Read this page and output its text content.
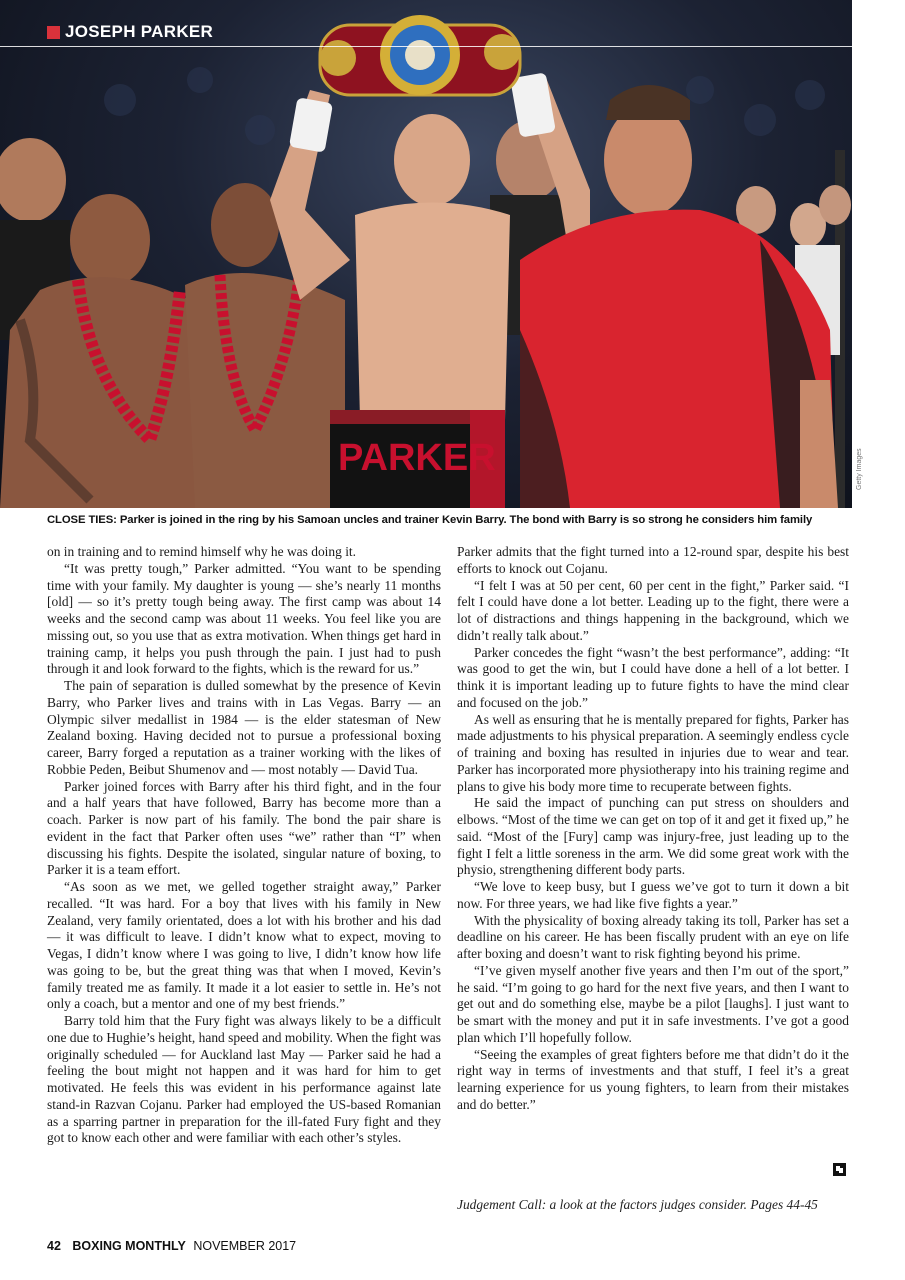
PARKER
JOSEPH PARKER
Getty Images
CLOSE TIES: Parker is joined in the ring by his Samoan uncles and trainer Kevin Barry. The bond with Barry is so strong he considers him family

on in training and to remind himself why he was doing it.

“It was pretty tough,” Parker admitted. “You want to be spending time with your family. My daughter is young — she’s nearly 11 months [old] — so it’s pretty tough being away. The first camp was about 14 weeks and the second camp was about 11 weeks. You feel like you are missing out, so you use that as extra motivation. When things get hard in training camp, it helps you push through the pain. I just had to push through it and look forward to the fights, which is the reward for us.”

The pain of separation is dulled somewhat by the presence of Kevin Barry, who Parker lives and trains with in Las Vegas. Barry — an Olympic silver medallist in 1984 — is the elder statesman of New Zealand boxing. Having decided not to pursue a professional boxing career, Barry forged a reputation as a trainer working with the likes of Robbie Peden, Beibut Shumenov and — most notably — David Tua.

Parker joined forces with Barry after his third fight, and in the four and a half years that have followed, Barry has become more than a coach. Parker is now part of his family. The bond the pair share is evident in the fact that Parker often uses “we” rather than “I” when discussing his fights. Despite the isolated, singular nature of boxing, to Parker it is a team effort.

“As soon as we met, we gelled together straight away,” Parker recalled. “It was hard. For a boy that lives with his family in New Zealand, very family orientated, does a lot with his brother and his dad — it was difficult to leave. I didn’t know what to expect, moving to Vegas, I didn’t know where I was going to live, I didn’t know how life was going to be, but the great thing was that when I moved, Kevin’s family treated me as family. It made it a lot easier to settle in. He’s not only a coach, but a mentor and one of my best friends.”

Barry told him that the Fury fight was always likely to be a difficult one due to Hughie’s height, hand speed and mobility. When the fight was originally scheduled — for Auckland last May — Parker said he had a feeling the bout might not happen and it was hard for him to get motivated. He feels this was evident in his performance against late stand-in Razvan Cojanu. Parker had employed the US-based Romanian as a sparring partner in preparation for the ill-fated Fury fight and they got to know each other and were familiar with each other’s styles.

Parker admits that the fight turned into a 12-round spar, despite his best efforts to knock out Cojanu.

“I felt I was at 50 per cent, 60 per cent in the fight,” Parker said. “I felt I could have done a lot better. Leading up to the fight, there were a lot of distractions and things happening in the background, which we didn’t really talk about.”

Parker concedes the fight “wasn’t the best performance”, adding: “It was good to get the win, but I could have done a hell of a lot better. I think it is important leading up to future fights to have the mind clear and focused on the job.”

As well as ensuring that he is mentally prepared for fights, Parker has made adjustments to his physical preparation. A seemingly endless cycle of training and boxing has resulted in injuries due to wear and tear. Parker has incorporated more physiotherapy into his training regime and plans to give his body more time to recuperate between fights.

He said the impact of punching can put stress on shoulders and elbows. “Most of the time we can get on top of it and get it fixed up,” he said. “Most of the [Fury] camp was injury-free, just leading up to the fight I felt a little soreness in the arm. We did some great work with the physio, strengthening different body parts.

“We love to keep busy, but I guess we’ve got to turn it down a bit now. For three years, we had like five fights a year.”

With the physicality of boxing already taking its toll, Parker has set a deadline on his career. He has been fiscally prudent with an eye on life after boxing and doesn’t want to risk fighting beyond his prime.

“I’ve given myself another five years and then I’m out of the sport,” he said. “I’m going to go hard for the next five years, and then I want to get out and do something else, maybe be a pilot [laughs]. I just want to be smart with the money and put it in safe investments. I’ve got a good plan which I’ll hopefully follow.

“Seeing the examples of great fighters before me that didn’t do it the right way in terms of investments and that stuff, I feel it’s a great learning experience for us young fighters, to learn from their mistakes and do better.”

Judgement Call: a look at the factors judges consider. Pages 44-45
42 BOXING MONTHLY NOVEMBER 2017
